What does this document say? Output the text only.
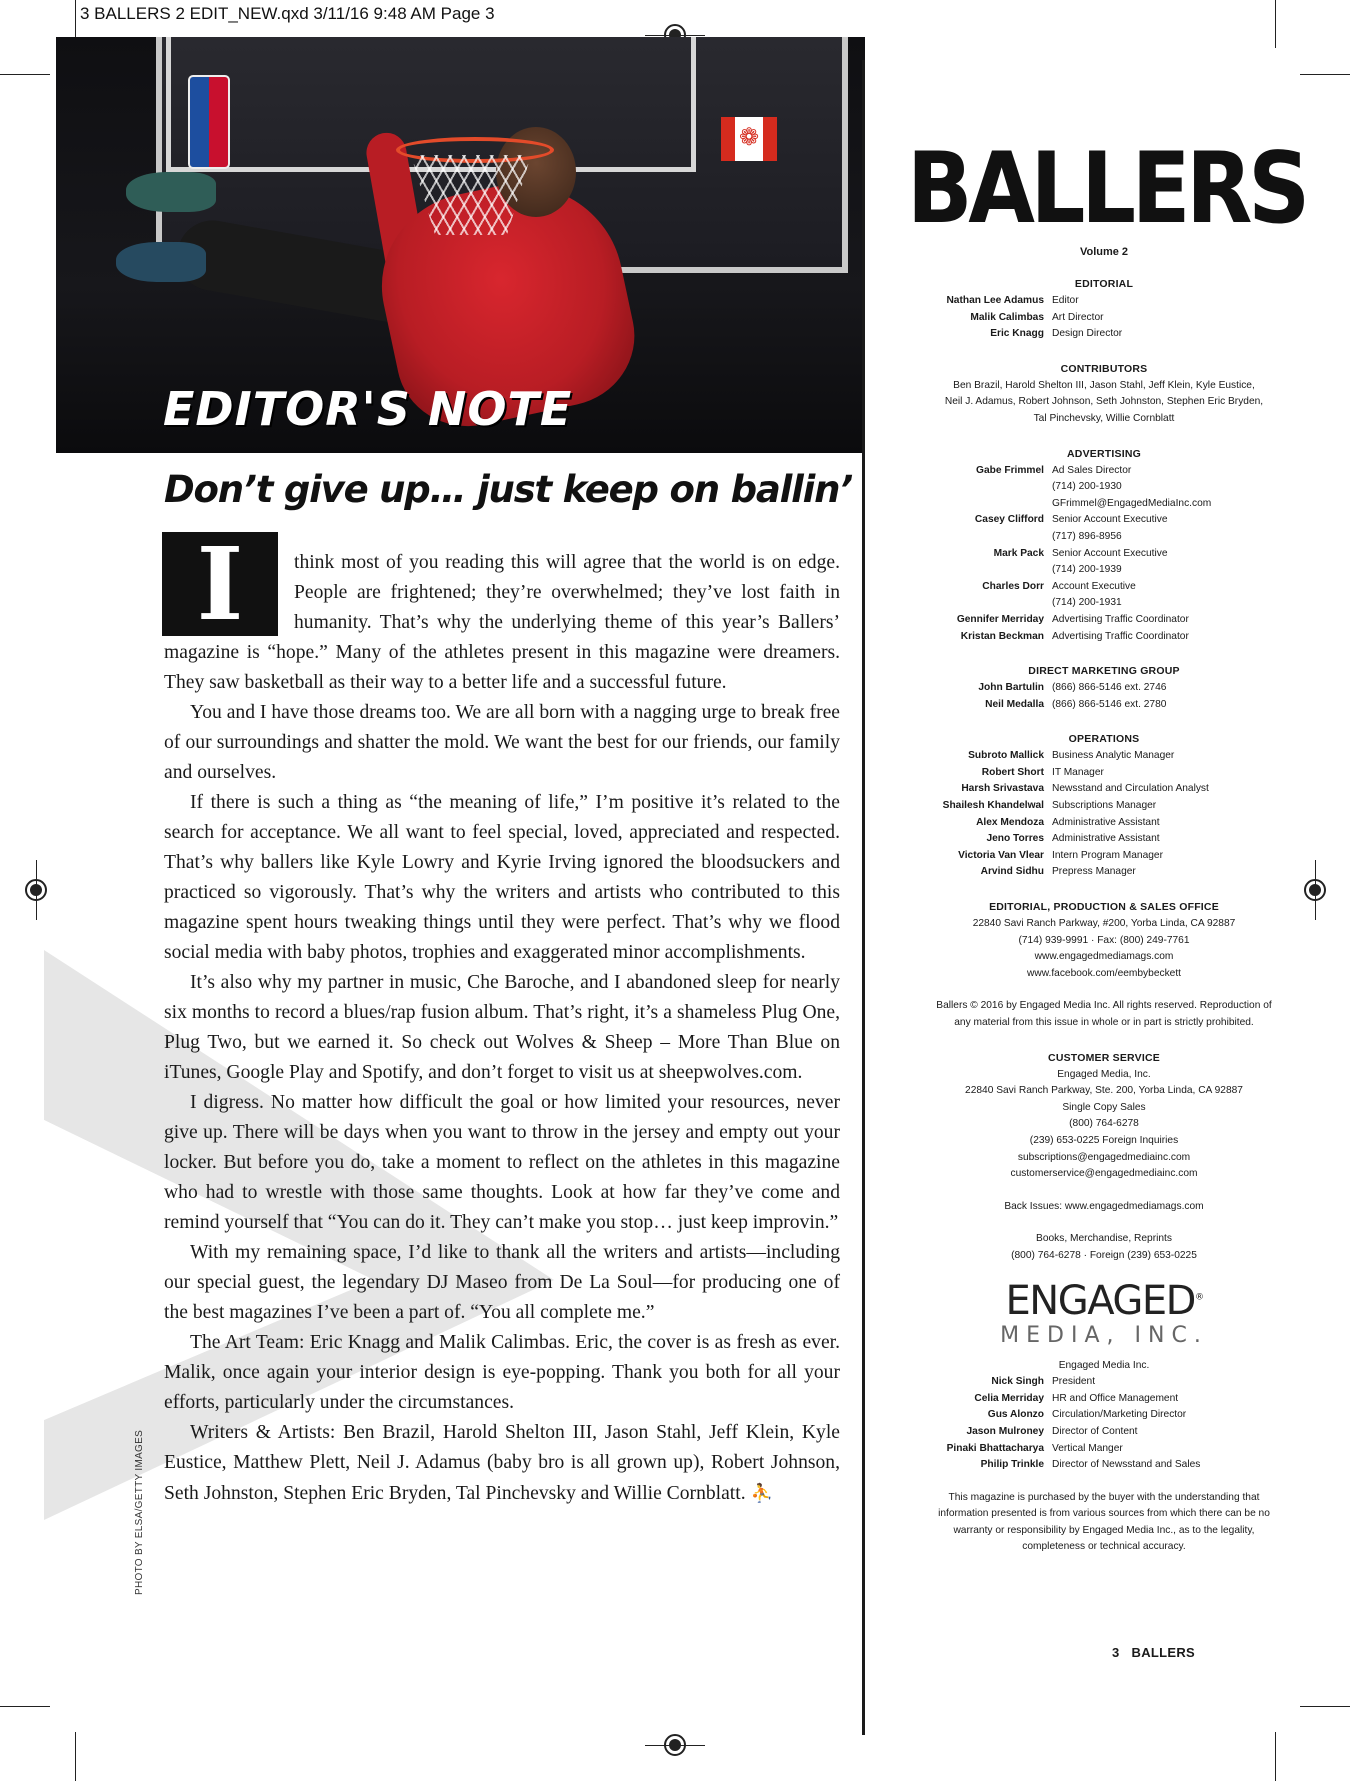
3 BALLERS 2 EDIT_NEW.qxd 3/11/16 9:48 AM Page 3
❁
EDITOR'S NOTE
PHOTO BY ELSA/GETTY IMAGES
Don’t give up… just keep on ballin’
I	think most of you reading this will agree that the world is on edge. People are frightened; they’re overwhelmed; they’ve lost faith in humanity. That’s why the underlying theme of this year’s Ballers’ magazine is “hope.” Many of the athletes present in this magazine were dreamers. They saw basketball as their way to a better life and a successful future.

You and I have those dreams too. We are all born with a nagging urge to break free of our surroundings and shatter the mold. We want the best for our friends, our family and ourselves.

If there is such a thing as “the meaning of life,” I’m positive it’s related to the search for acceptance. We all want to feel special, loved, appreciated and respected. That’s why ballers like Kyle Lowry and Kyrie Irving ignored the bloodsuckers and practiced so vigorously. That’s why the writers and artists who contributed to this magazine spent hours tweaking things until they were perfect. That’s why we flood social media with baby photos, trophies and exaggerated minor accomplishments.

It’s also why my partner in music, Che Baroche, and I abandoned sleep for nearly six months to record a blues/rap fusion album. That’s right, it’s a shameless Plug One, Plug Two, but we earned it. So check out Wolves & Sheep – More Than Blue on iTunes, Google Play and Spotify, and don’t forget to visit us at sheepwolves.com.

I digress. No matter how difficult the goal or how limited your resources, never give up. There will be days when you want to throw in the jersey and empty out your locker. But before you do, take a moment to reflect on the athletes in this magazine who had to wrestle with those same thoughts. Look at how far they’ve come and remind yourself that “You can do it. They can’t make you stop… just keep improvin.”

With my remaining space, I’d like to thank all the writers and artists—including our special guest, the legendary DJ Maseo from De La Soul—for producing one of the best magazines I’ve been a part of. “You all complete me.”

The Art Team: Eric Knagg and Malik Calimbas. Eric, the cover is as fresh as ever. Malik, once again your interior design is eye-popping. Thank you both for all your efforts, particularly under the circumstances.

Writers & Artists: Ben Brazil, Harold Shelton III, Jason Stahl, Jeff Klein, Kyle Eustice, Matthew Plett, Neil J. Adamus (baby bro is all grown up), Robert Johnson, Seth Johnston, Stephen Eric Bryden, Tal Pinchevsky and Willie Cornblatt. ⛹

BALLERS
Volume 2
EDITORIAL
Nathan Lee Adamus Editor
Malik Calimbas Art Director
Eric Knagg Design Director
CONTRIBUTORS
Ben Brazil, Harold Shelton III, Jason Stahl, Jeff Klein, Kyle Eustice,
Neil J. Adamus, Robert Johnson, Seth Johnston, Stephen Eric Bryden,
Tal Pinchevsky, Willie Cornblatt
ADVERTISING
Gabe Frimmel Ad Sales Director
(714) 200-1930
GFrimmel@EngagedMediaInc.com
Casey Clifford Senior Account Executive
(717) 896-8956
Mark Pack Senior Account Executive
(714) 200-1939
Charles Dorr Account Executive
(714) 200-1931
Gennifer Merriday Advertising Traffic Coordinator
Kristan Beckman Advertising Traffic Coordinator
DIRECT MARKETING GROUP
John Bartulin (866) 866-5146 ext. 2746
Neil Medalla (866) 866-5146 ext. 2780
OPERATIONS
Subroto Mallick Business Analytic Manager
Robert Short IT Manager
Harsh Srivastava Newsstand and Circulation Analyst
Shailesh Khandelwal Subscriptions Manager
Alex Mendoza Administrative Assistant
Jeno Torres Administrative Assistant
Victoria Van Vlear Intern Program Manager
Arvind Sidhu Prepress Manager
EDITORIAL, PRODUCTION & SALES OFFICE
22840 Savi Ranch Parkway, #200, Yorba Linda, CA 92887
(714) 939-9991 · Fax: (800) 249-7761
www.engagedmediamags.com
www.facebook.com/eembybeckett
Ballers © 2016 by Engaged Media Inc. All rights reserved. Reproduction of
any material from this issue in whole or in part is strictly prohibited.
CUSTOMER SERVICE
Engaged Media, Inc.
22840 Savi Ranch Parkway, Ste. 200, Yorba Linda, CA 92887
Single Copy Sales
(800) 764-6278
(239) 653-0225 Foreign Inquiries
subscriptions@engagedmediainc.com
customerservice@engagedmediainc.com
Back Issues: www.engagedmediamags.com
Books, Merchandise, Reprints
(800) 764-6278 · Foreign (239) 653-0225
ENGAGED®
MEDIA, INC.
Engaged Media Inc.
Nick Singh President
Celia Merriday HR and Office Management
Gus Alonzo Circulation/Marketing Director
Jason Mulroney Director of Content
Pinaki Bhattacharya Vertical Manger
Philip Trinkle Director of Newsstand and Sales
This magazine is purchased by the buyer with the understanding that
information presented is from various sources from which there can be no
warranty or responsibility by Engaged Media Inc., as to the legality,
completeness or technical accuracy.
3 BALLERS
